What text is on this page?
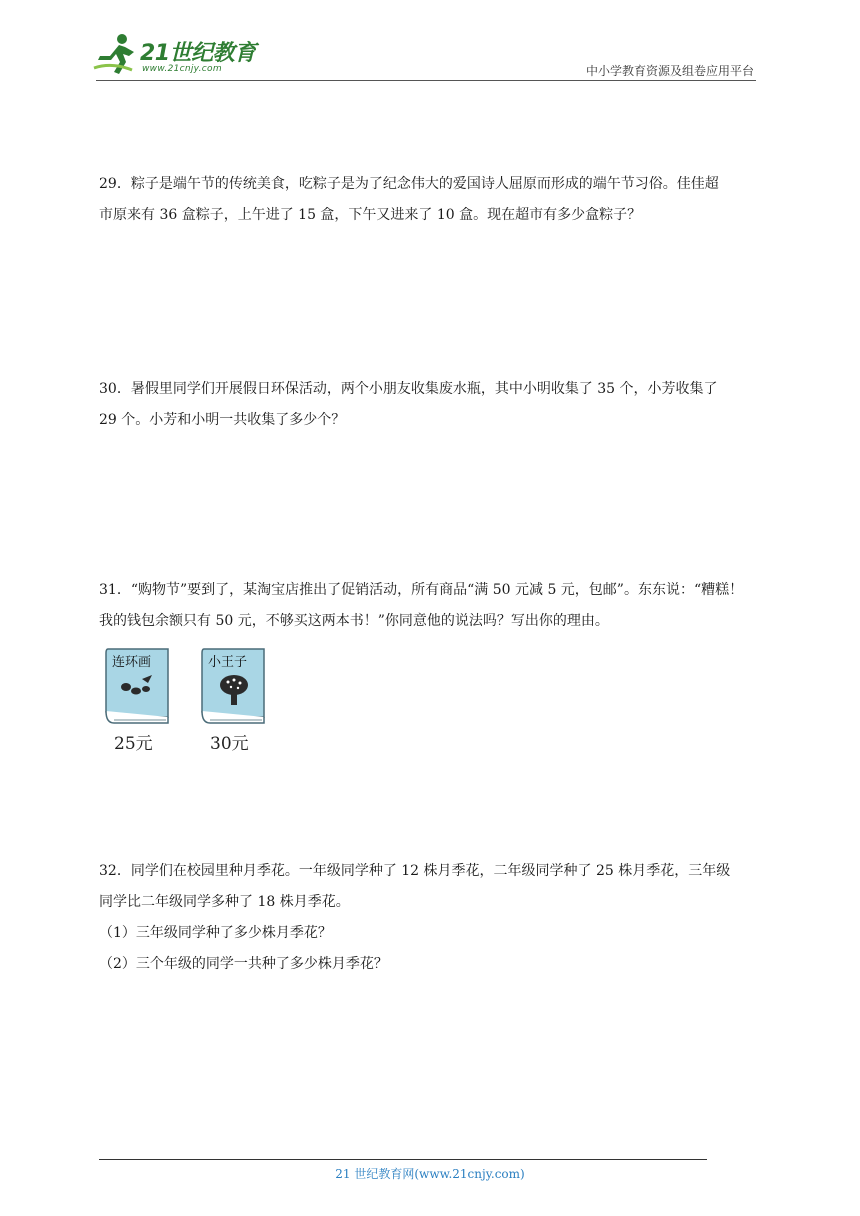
21世纪教育
www.21cnjy.com	中小学教育资源及组卷应用平台

29．粽子是端午节的传统美食，吃粽子是为了纪念伟大的爱国诗人屈原而形成的端午节习俗。佳佳超

市原来有 36 盒粽子，上午进了 15 盒，下午又进来了 10 盒。现在超市有多少盒粽子？

30．暑假里同学们开展假日环保活动，两个小朋友收集废水瓶，其中小明收集了 35 个，小芳收集了

29 个。小芳和小明一共收集了多少个？

31．“购物节”要到了，某淘宝店推出了促销活动，所有商品“满 50 元减 5 元，包邮”。东东说：“糟糕！

我的钱包余额只有 50 元，不够买这两本书！”你同意他的说法吗？写出你的理由。

连环画
25元
小王子
30元

32．同学们在校园里种月季花。一年级同学种了 12 株月季花，二年级同学种了 25 株月季花，三年级

同学比二年级同学多种了 18 株月季花。

（1）三年级同学种了多少株月季花？

（2）三个年级的同学一共种了多少株月季花？

21 世纪教育网(www.21cnjy.com)
